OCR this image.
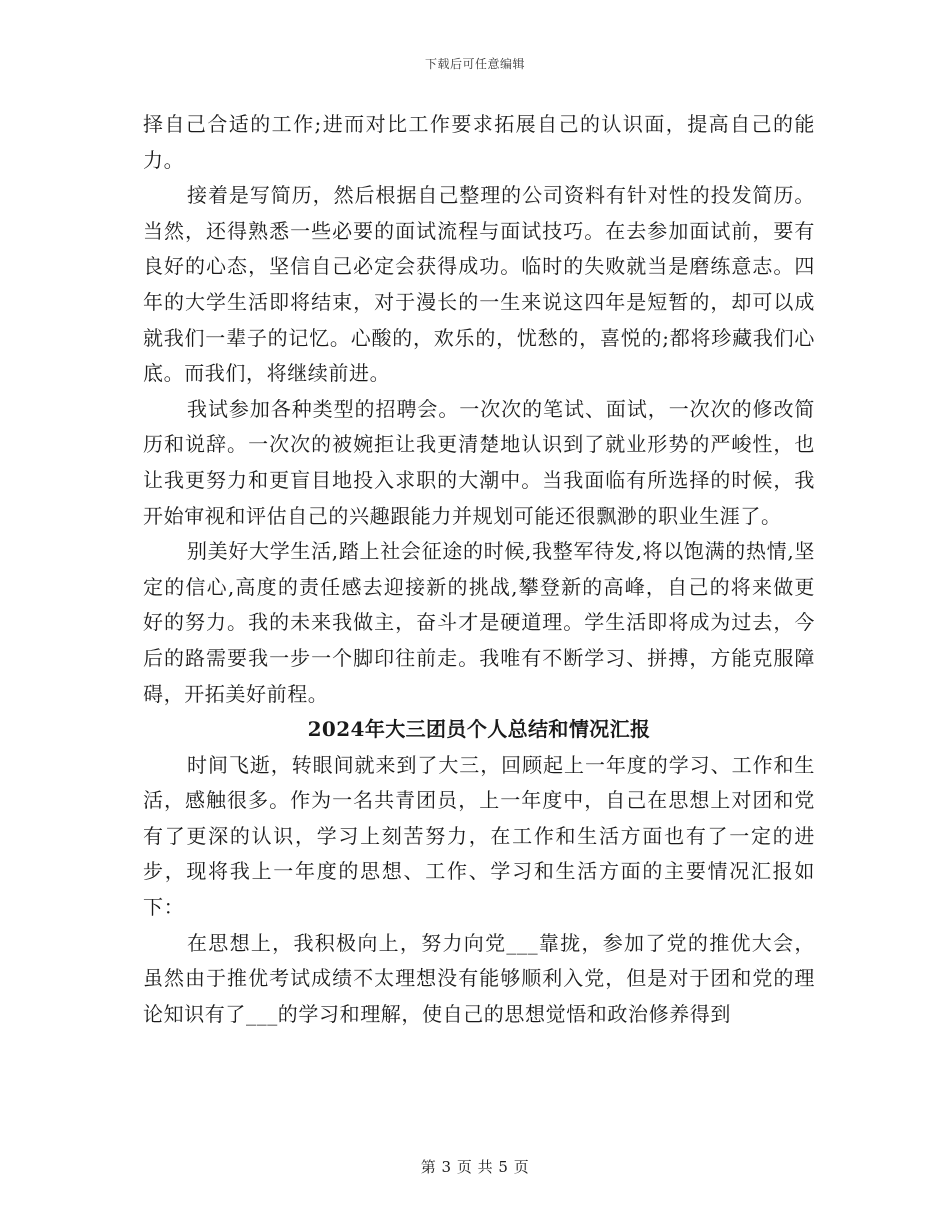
下载后可任意编辑

择自己合适的工作;进而对比工作要求拓展自己的认识面，提高自己的能力。

接着是写简历，然后根据自己整理的公司资料有针对性的投发简历。当然，还得熟悉一些必要的面试流程与面试技巧。在去参加面试前，要有良好的心态，坚信自己必定会获得成功。临时的失败就当是磨练意志。四年的大学生活即将结束，对于漫长的一生来说这四年是短暂的，却可以成就我们一辈子的记忆。心酸的，欢乐的，忧愁的，喜悦的;都将珍藏我们心底。而我们，将继续前进。

我试参加各种类型的招聘会。一次次的笔试、面试，一次次的修改简历和说辞。一次次的被婉拒让我更清楚地认识到了就业形势的严峻性，也让我更努力和更盲目地投入求职的大潮中。当我面临有所选择的时候，我开始审视和评估自己的兴趣跟能力并规划可能还很飘渺的职业生涯了。

别美好大学生活,踏上社会征途的时候,我整军待发,将以饱满的热情,坚定的信心,高度的责任感去迎接新的挑战,攀登新的高峰，自己的将来做更好的努力。我的未来我做主，奋斗才是硬道理。学生活即将成为过去，今后的路需要我一步一个脚印往前走。我唯有不断学习、拼搏，方能克服障碍，开拓美好前程。

2024年大三团员个人总结和情况汇报

时间飞逝，转眼间就来到了大三，回顾起上一年度的学习、工作和生活，感触很多。作为一名共青团员，上一年度中，自己在思想上对团和党有了更深的认识，学习上刻苦努力，在工作和生活方面也有了一定的进步，现将我上一年度的思想、工作、学习和生活方面的主要情况汇报如下：

在思想上，我积极向上，努力向党___靠拢，参加了党的推优大会，虽然由于推优考试成绩不太理想没有能够顺利入党，但是对于团和党的理论知识有了___的学习和理解，使自己的思想觉悟和政治修养得到

第 3 页 共 5 页
